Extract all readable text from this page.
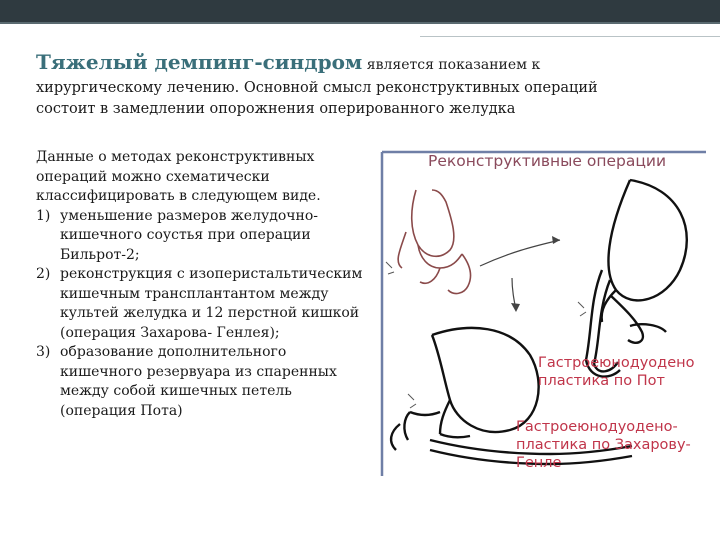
Тяжелый демпинг-синдром является показанием к
хирургическому лечению. Основной смысл реконструктивных операций
состоит в замедлении опорожнения оперированного желудка

Данные о методах реконструктивных операций можно схематически классифицировать в следующем виде.

1) уменьшение размеров желудочно-кишечного соустья при операции Бильрот-2;
2) реконструкция с изоперистальтическим кишечным трансплантантом между культей желудка и 12 перстной кишкой (операция Захарова- Генлея);
3) образование дополнительного кишечного резервуара из спаренных между собой кишечных петель (операция Пота)
Реконструктивные операции
Гастроеюнодуодено
пластика по Пот
Гастроеюнодуодено-
пластика по Захарову-
Генле
